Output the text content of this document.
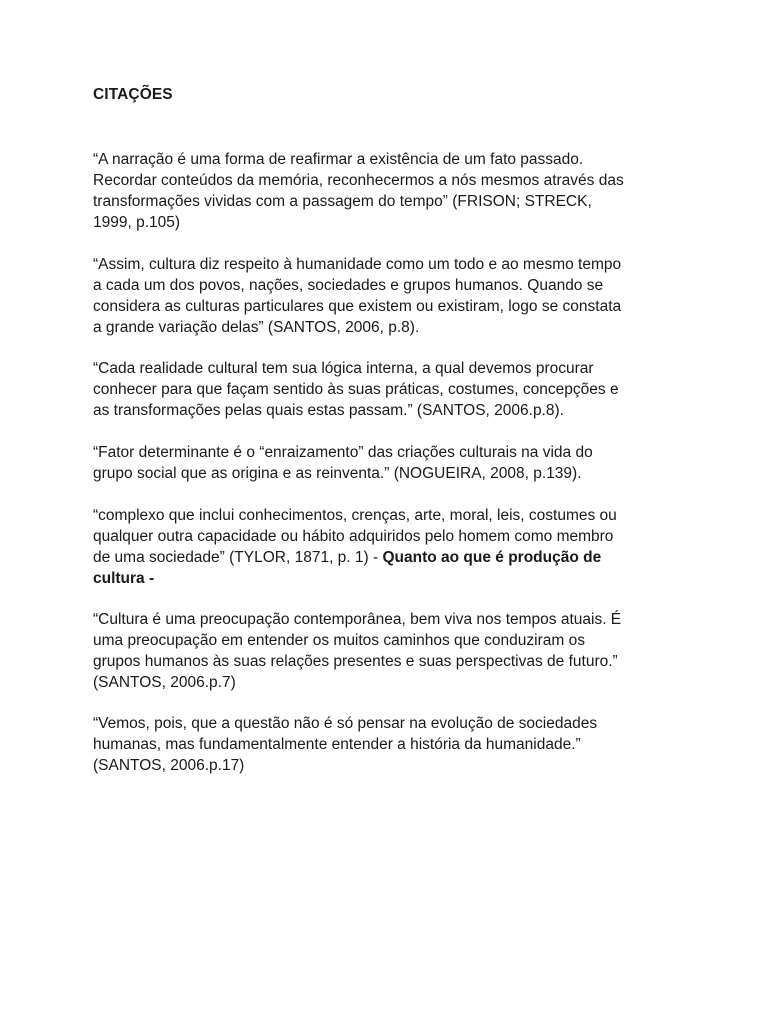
CITAÇÕES

“A narração é uma forma de reafirmar a existência de um fato passado.
Recordar conteúdos da memória, reconhecermos a nós mesmos através das
transformações vividas com a passagem do tempo” (FRISON; STRECK,
1999, p.105)

“Assim, cultura diz respeito à humanidade como um todo e ao mesmo tempo
a cada um dos povos, nações, sociedades e grupos humanos. Quando se
considera as culturas particulares que existem ou existiram, logo se constata
a grande variação delas” (SANTOS, 2006, p.8).

“Cada realidade cultural tem sua lógica interna, a qual devemos procurar
conhecer para que façam sentido às suas práticas, costumes, concepções e
as transformações pelas quais estas passam.” (SANTOS, 2006.p.8).

“Fator determinante é o “enraizamento” das criações culturais na vida do
grupo social que as origina e as reinventa.” (NOGUEIRA, 2008, p.139).

“complexo que inclui conhecimentos, crenças, arte, moral, leis, costumes ou
qualquer outra capacidade ou hábito adquiridos pelo homem como membro
de uma sociedade” (TYLOR, 1871, p. 1) - Quanto ao que é produção de
cultura -

“Cultura é uma preocupação contemporânea, bem viva nos tempos atuais. É
uma preocupação em entender os muitos caminhos que conduziram os
grupos humanos às suas relações presentes e suas perspectivas de futuro.”
(SANTOS, 2006.p.7)

“Vemos, pois, que a questão não é só pensar na evolução de sociedades
humanas, mas fundamentalmente entender a história da humanidade.”
(SANTOS, 2006.p.17)
